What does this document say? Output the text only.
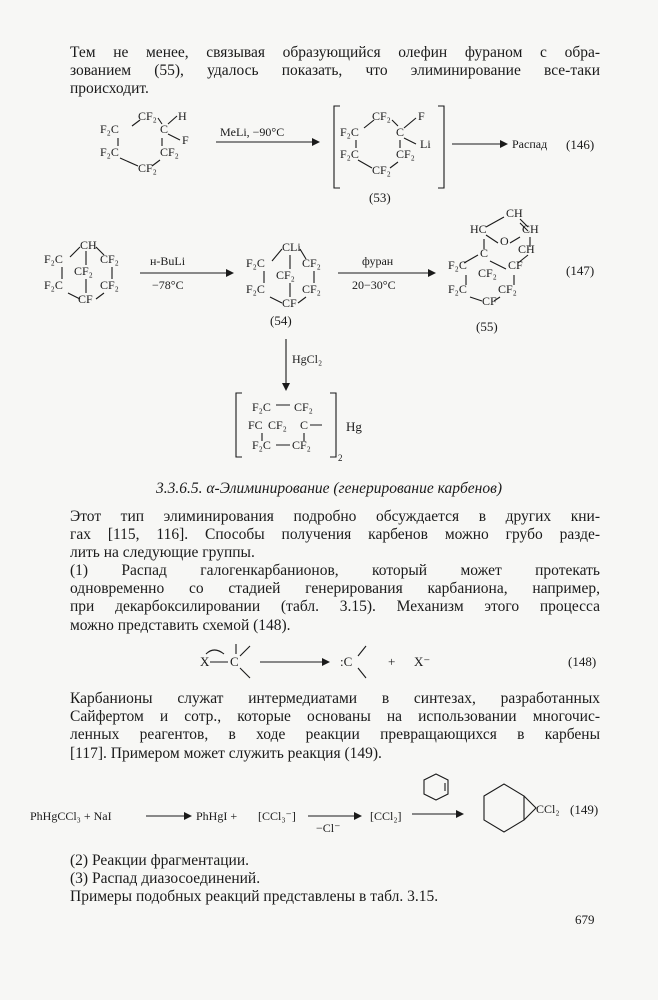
Тем не менее, связывая образующийся олефин фураном с обра-
зованием (55), удалось показать, что элиминирование все-таки
происходит.
CF₂ H
F₂C	C
F
F₂C	CF₂
CF₂
MeLi, −90°C
CF₂ F
F₂C	C
Li
F₂C	CF₂
CF₂
(53)
Распад (146)
CH
F₂C	CF₂
CF₂
F₂C	CF₂
CF
н-BuLi
−78°C
CLi
F₂C	CF₂
CF₂
F₂C	CF₂
CF
(54)
фуран
20−30°C
CH
HC	CH
O
CH
C
F₂C
CF₂
CF
F₂C	CF₂
CF
(55)
(147)
HgCl₂
F₂C CF₂
FC CF₂ C
F₂C CF₂
2
Hg
3.3.6.5. α-Элиминирование (генерирование карбенов)
Этот тип элиминирования подробно обсуждается в других кни-
гах [115, 116]. Способы получения карбенов можно грубо разде-
лить на следующие группы.
(1) Распад галогенкарбанионов, который может протекать
одновременно со стадией генерирования карбаниона, например,
при декарбоксилировании (табл. 3.15). Механизм этого процесса
можно представить схемой (148).
X C	:C	+ X⁻	(148)
Карбанионы служат интермедиатами в синтезах, разработанных
Сайфертом и сотр., которые основаны на использовании многочис-
ленных реагентов, в ходе реакции превращающихся в карбены
[117]. Примером может служить реакция (149).
PhHgCCl₃ + NaI	PhHgI + [CCl₃⁻]
−Cl⁻
[CCl₂]	CCl₂ (149)
(2) Реакции фрагментации.
(3) Распад диазосоединений.
Примеры подобных реакций представлены в табл. 3.15.
679
